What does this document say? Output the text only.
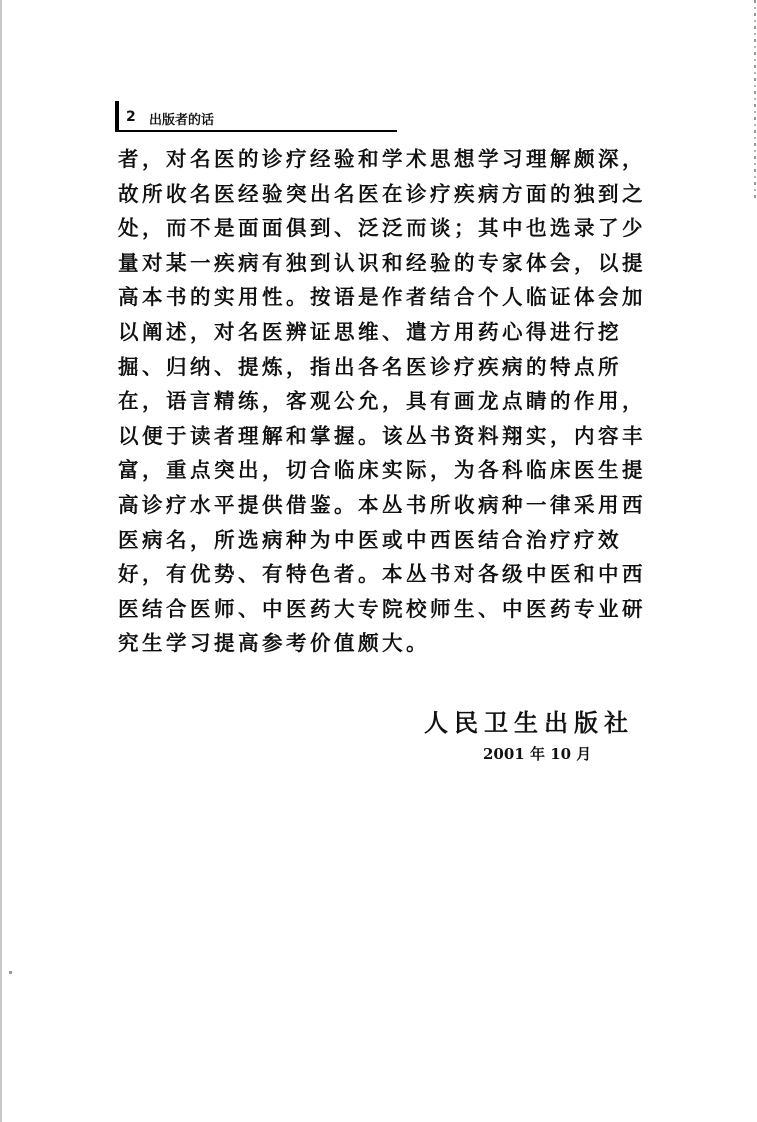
2 出版者的话
者，对名医的诊疗经验和学术思想学习理解颇深，
故所收名医经验突出名医在诊疗疾病方面的独到之
处，而不是面面俱到、泛泛而谈；其中也选录了少
量对某一疾病有独到认识和经验的专家体会，以提
高本书的实用性。按语是作者结合个人临证体会加
以阐述，对名医辨证思维、遣方用药心得进行挖
掘、归纳、提炼，指出各名医诊疗疾病的特点所
在，语言精练，客观公允，具有画龙点睛的作用，
以便于读者理解和掌握。该丛书资料翔实，内容丰
富，重点突出，切合临床实际，为各科临床医生提
高诊疗水平提供借鉴。本丛书所收病种一律采用西
医病名，所选病种为中医或中西医结合治疗疗效
好，有优势、有特色者。本丛书对各级中医和中西
医结合医师、中医药大专院校师生、中医药专业研
究生学习提高参考价值颇大。
人民卫生出版社
2001 年 10 月
